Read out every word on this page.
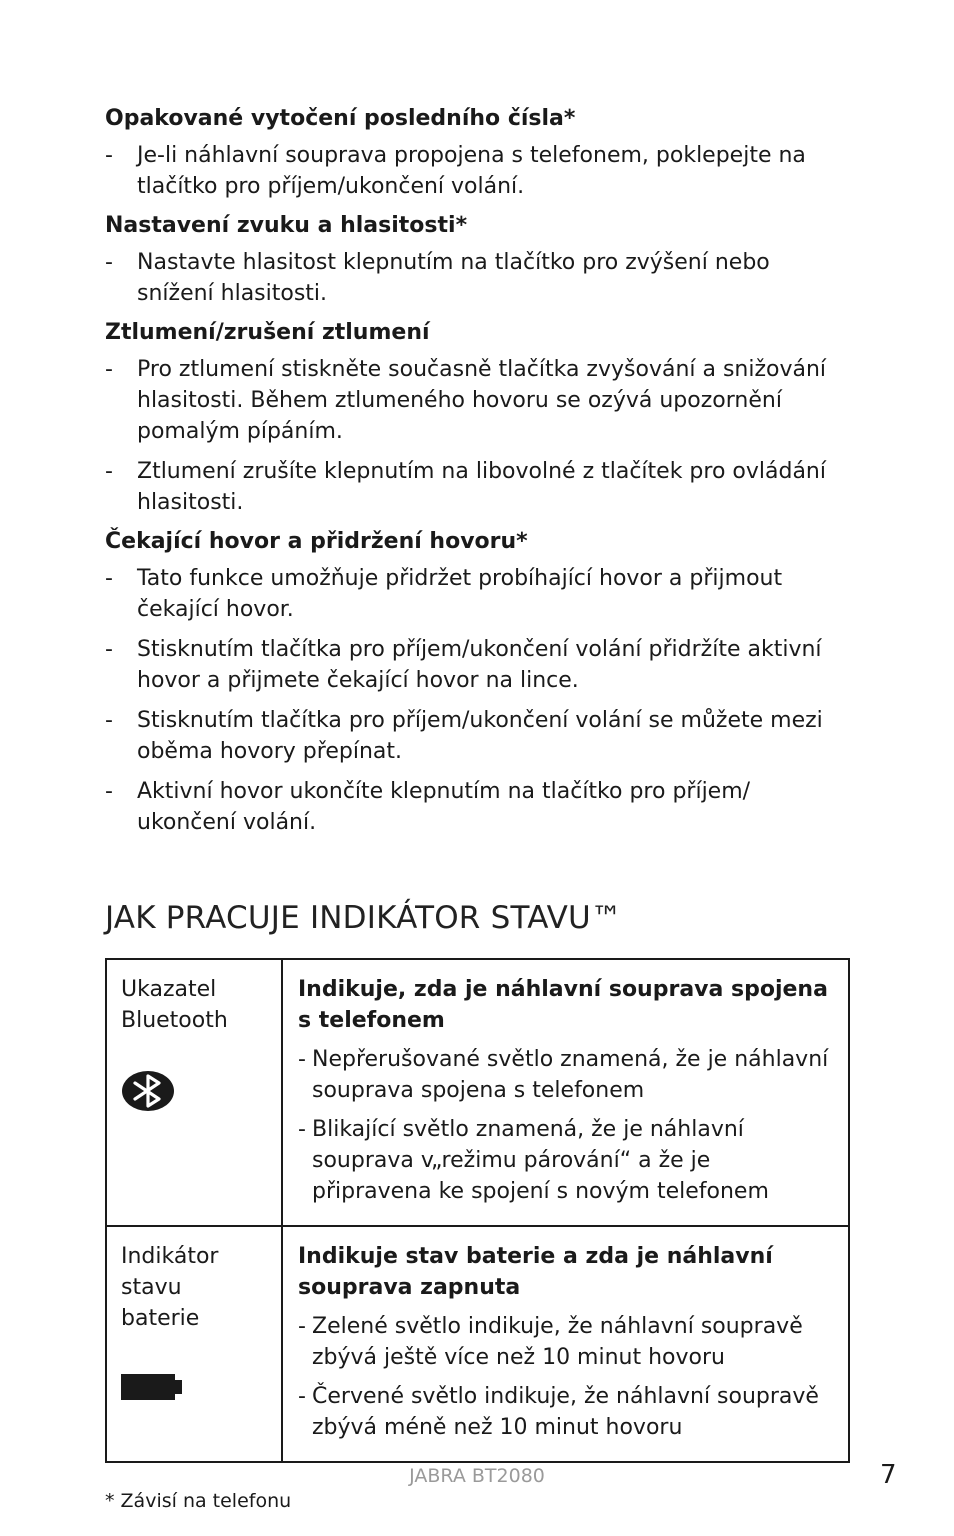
Opakované vytočení posledního čísla*

- Je-li náhlavní souprava propojena s telefonem, poklepejte na tlačítko pro příjem/ukončení volání.

Nastavení zvuku a hlasitosti*

- Nastavte hlasitost klepnutím na tlačítko pro zvýšení nebo snížení hlasitosti.

Ztlumení/zrušení ztlumení

- Pro ztlumení stiskněte současně tlačítka zvyšování a snižování hlasitosti. Během ztlumeného hovoru se ozývá upozornění pomalým pípáním.
- Ztlumení zrušíte klepnutím na libovolné z tlačítek pro ovládání hlasitosti.

Čekající hovor a přidržení hovoru*

- Tato funkce umožňuje přidržet probíhající hovor a přijmout čekající hovor.
- Stisknutím tlačítka pro příjem/ukončení volání přidržíte aktivní hovor a přijmete čekající hovor na lince.
- Stisknutím tlačítka pro příjem/ukončení volání se můžete mezi oběma hovory přepínat.
- Aktivní hovor ukončíte klepnutím na tlačítko pro příjem/ ukončení volání.
JAK PRACUJE INDIKÁTOR STAVU™
Ukazatel Bluetooth	Indikuje, zda je náhlavní souprava spojena s telefonem

- Nepřerušované světlo znamená, že je náhlavní souprava spojena s telefonem
- Blikající světlo znamená, že je náhlavní souprava v„režimu párování“ a že je připravena ke spojení s novým telefonem

Indikátor stavu baterie	Indikuje stav baterie a zda je náhlavní souprava zapnuta

- Zelené světlo indikuje, že náhlavní soupravě zbývá ještě více než 10 minut hovoru
- Červené světlo indikuje, že náhlavní soupravě zbývá méně než 10 minut hovoru
JABRA BT2080	7
* Závisí na telefonu
